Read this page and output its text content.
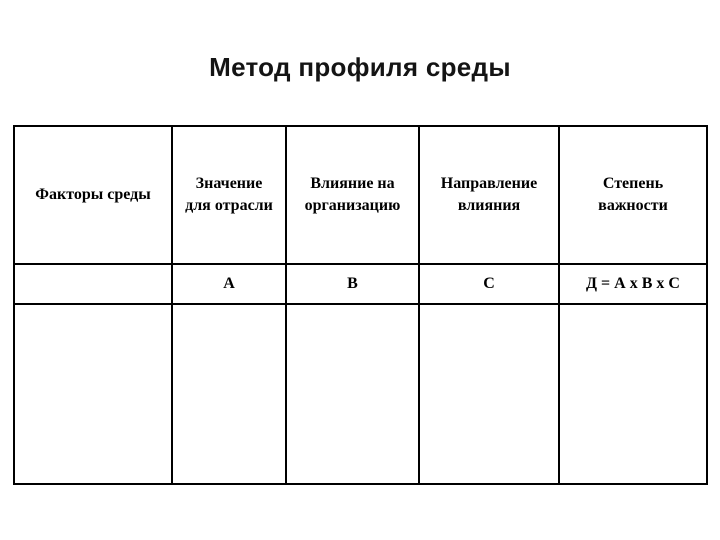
Метод профиля среды
Факторы среды	Значение для отрасли	Влияние на организацию	Направление влияния	Степень важности
	А	В	С	Д = А х В х С
